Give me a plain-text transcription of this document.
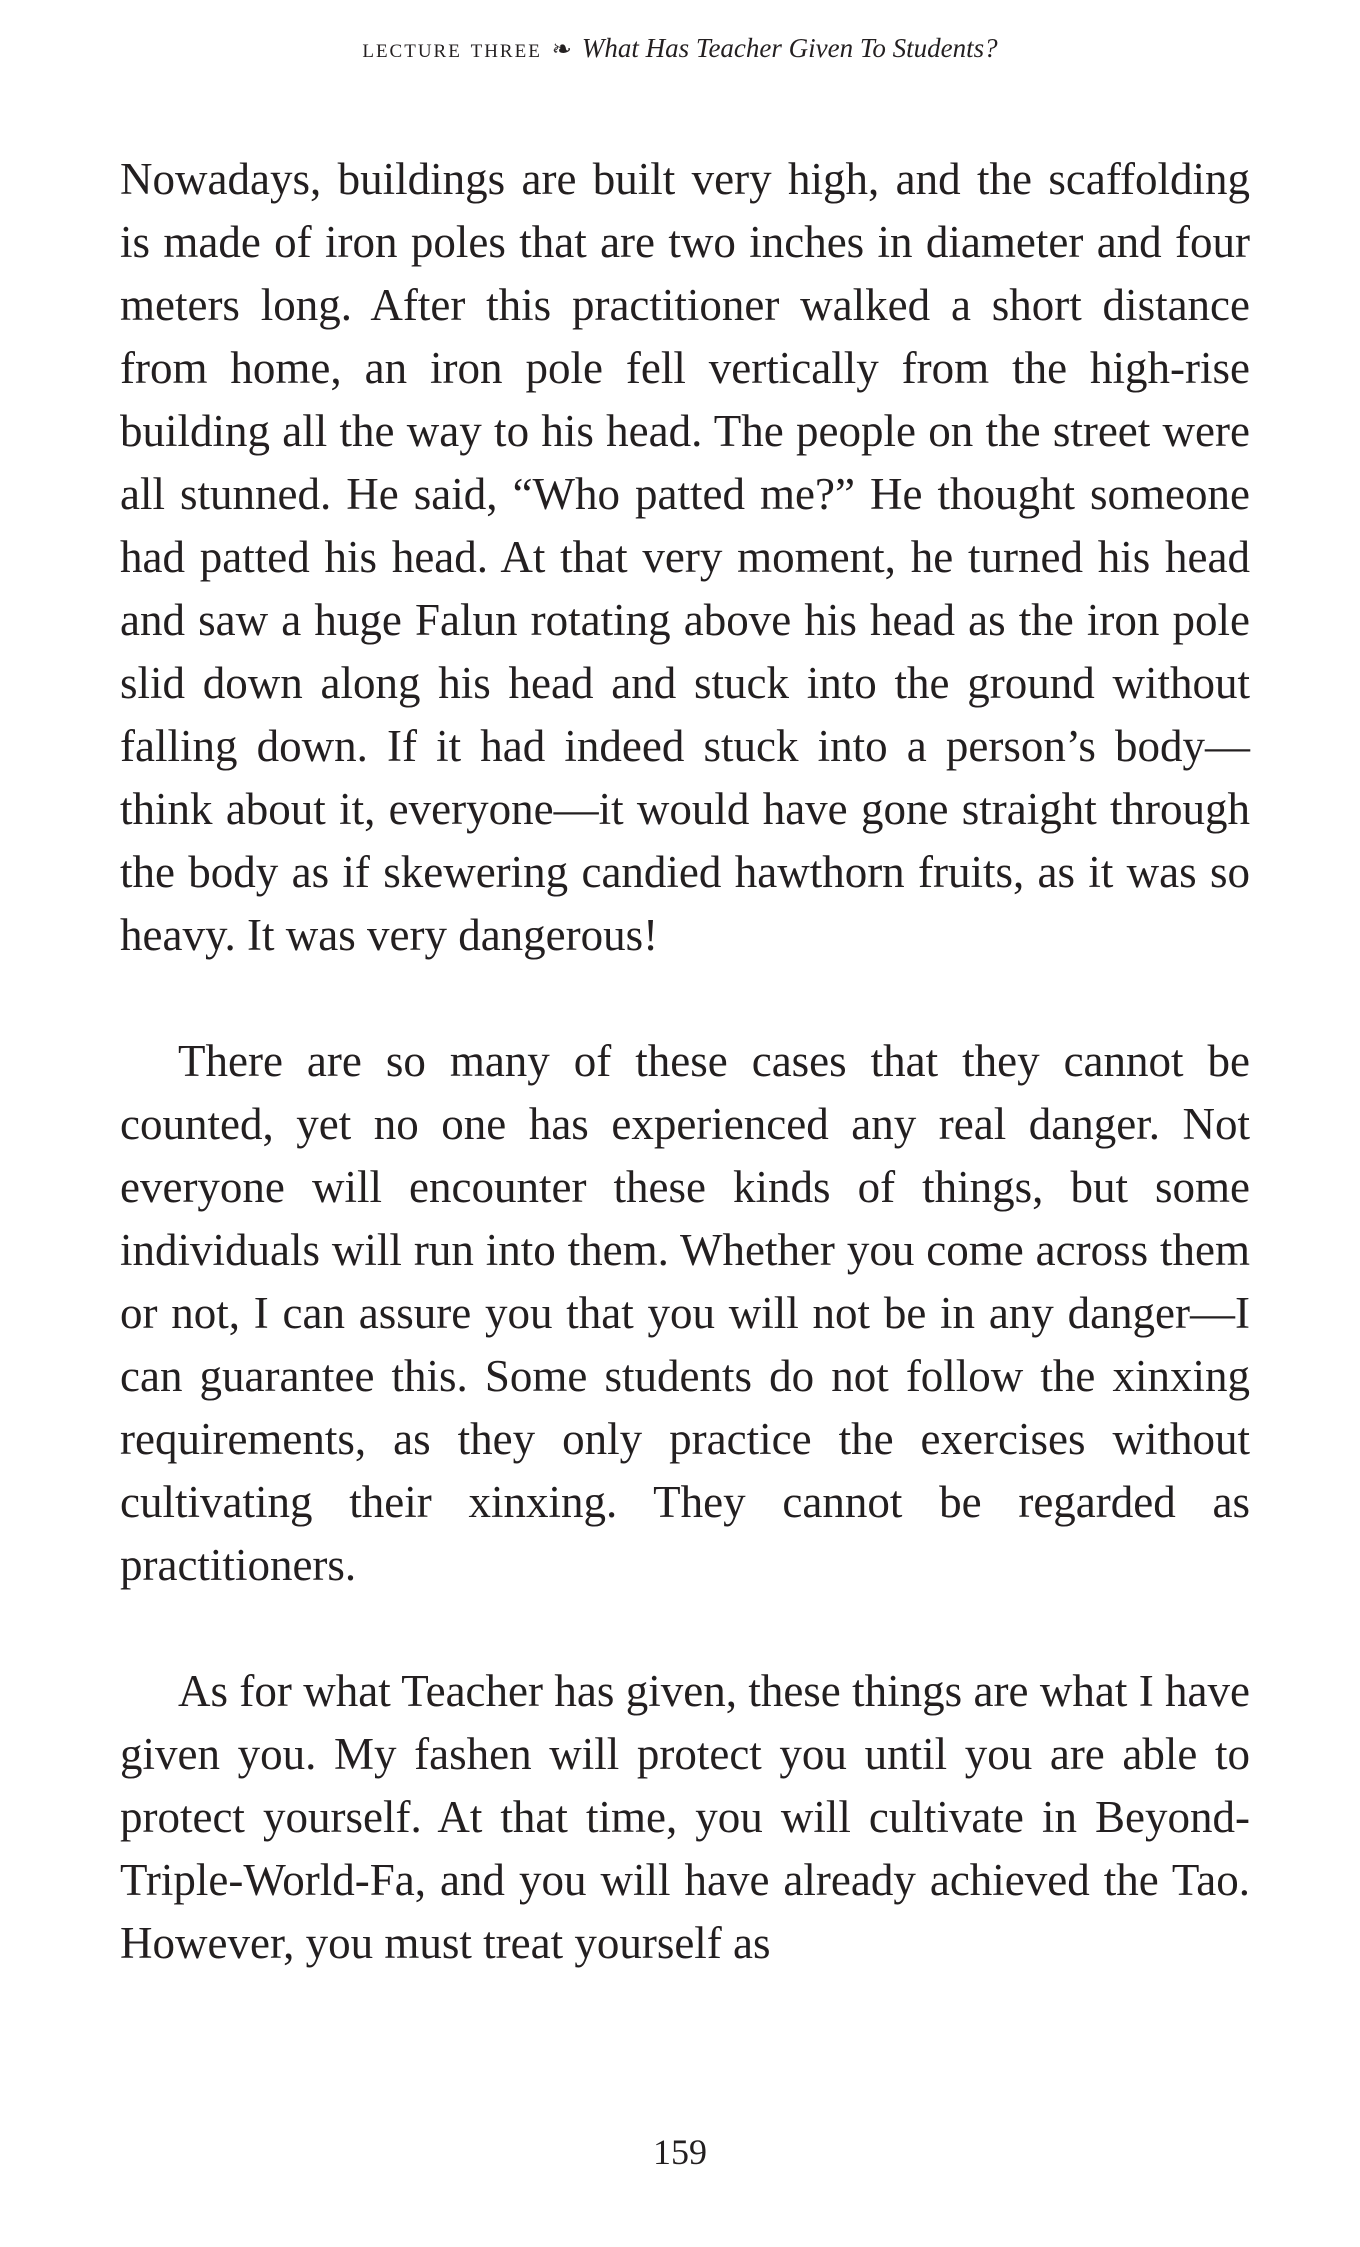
lecture three ❧ What Has Teacher Given To Students?

Nowadays, buildings are built very high, and the scaffolding is made of iron poles that are two inches in diameter and four meters long. After this practitioner walked a short distance from home, an iron pole fell vertically from the high-rise building all the way to his head. The people on the street were all stunned. He said, “Who patted me?” He thought someone had patted his head. At that very moment, he turned his head and saw a huge Falun rotating above his head as the iron pole slid down along his head and stuck into the ground without falling down. If it had indeed stuck into a person’s body—think about it, everyone—it would have gone straight through the body as if skewering candied hawthorn fruits, as it was so heavy. It was very dangerous!

There are so many of these cases that they cannot be counted, yet no one has experienced any real danger. Not everyone will encounter these kinds of things, but some individuals will run into them. Whether you come across them or not, I can assure you that you will not be in any danger—I can guarantee this. Some students do not follow the xinxing requirements, as they only practice the exercises without cultivating their xinxing. They cannot be regarded as practitioners.

As for what Teacher has given, these things are what I have given you. My fashen will protect you until you are able to protect yourself. At that time, you will cultivate in Beyond-Triple-World-Fa, and you will have already achieved the Tao. However, you must treat yourself as

159
